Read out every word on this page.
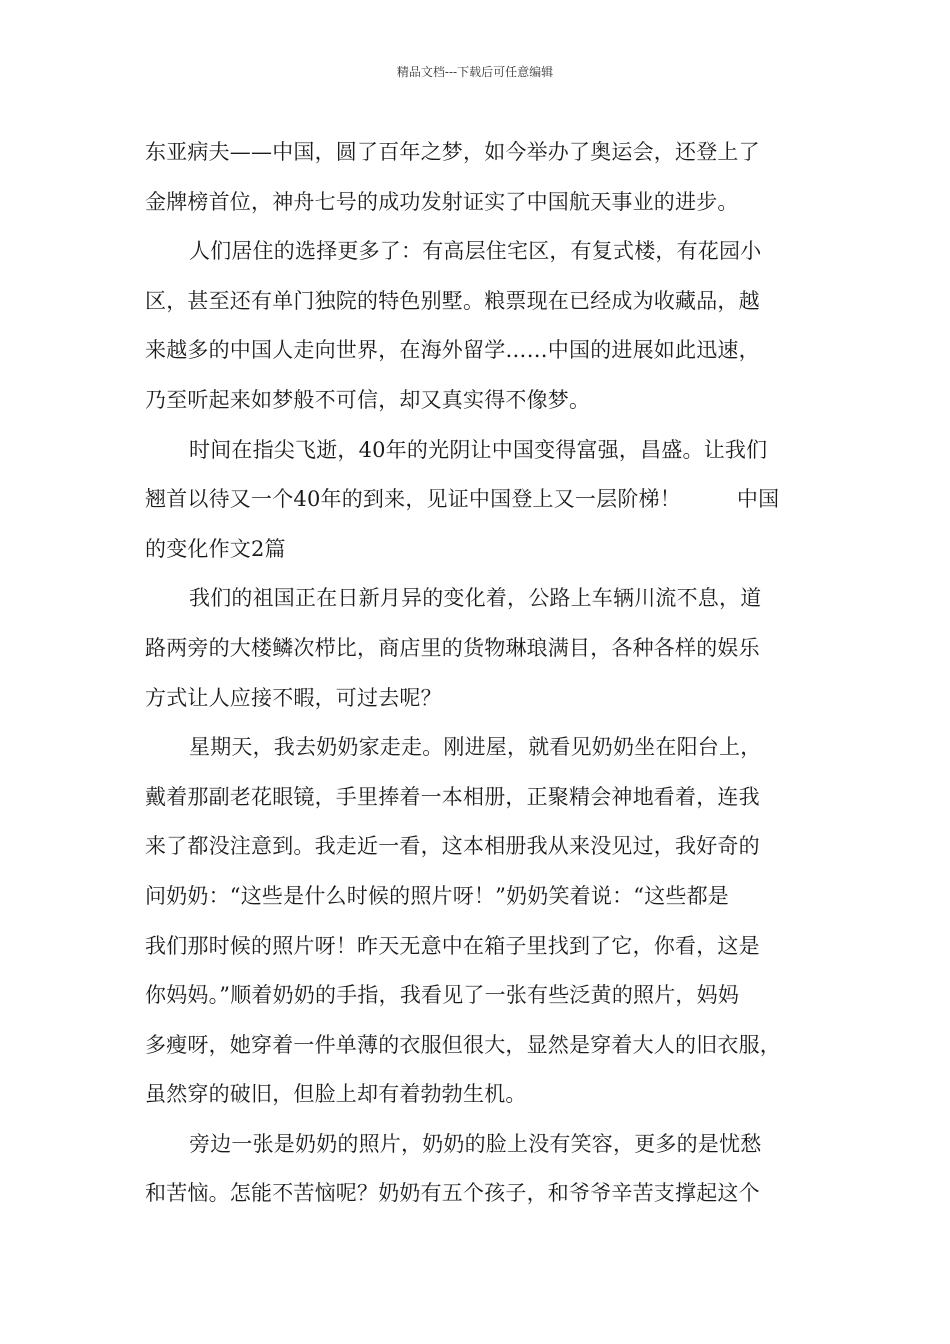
精品文档---下载后可任意编辑
东亚病夫——中国，圆了百年之梦，如今举办了奥运会，还登上了
金牌榜首位，神舟七号的成功发射证实了中国航天事业的进步。
人们居住的选择更多了：有高层住宅区，有复式楼，有花园小
区，甚至还有单门独院的特色别墅。粮票现在已经成为收藏品，越
来越多的中国人走向世界，在海外留学……中国的进展如此迅速，
乃至听起来如梦般不可信，却又真实得不像梦。
时间在指尖飞逝，40年的光阴让中国变得富强，昌盛。让我们
翘首以待又一个40年的到来，见证中国登上又一层阶梯！	中国
的变化作文2篇
我们的祖国正在日新月异的变化着，公路上车辆川流不息，道
路两旁的大楼鳞次栉比，商店里的货物琳琅满目，各种各样的娱乐
方式让人应接不暇，可过去呢？
星期天，我去奶奶家走走。刚进屋，就看见奶奶坐在阳台上，
戴着那副老花眼镜，手里捧着一本相册，正聚精会神地看着，连我
来了都没注意到。我走近一看，这本相册我从来没见过，我好奇的
问奶奶：“这些是什么时候的照片呀！”奶奶笑着说：“这些都是
我们那时候的照片呀！昨天无意中在箱子里找到了它，你看，这是
你妈妈。”顺着奶奶的手指，我看见了一张有些泛黄的照片，妈妈
多瘦呀，她穿着一件单薄的衣服但很大，显然是穿着大人的旧衣服，
虽然穿的破旧，但脸上却有着勃勃生机。
旁边一张是奶奶的照片，奶奶的脸上没有笑容，更多的是忧愁
和苦恼。怎能不苦恼呢？奶奶有五个孩子，和爷爷辛苦支撑起这个
